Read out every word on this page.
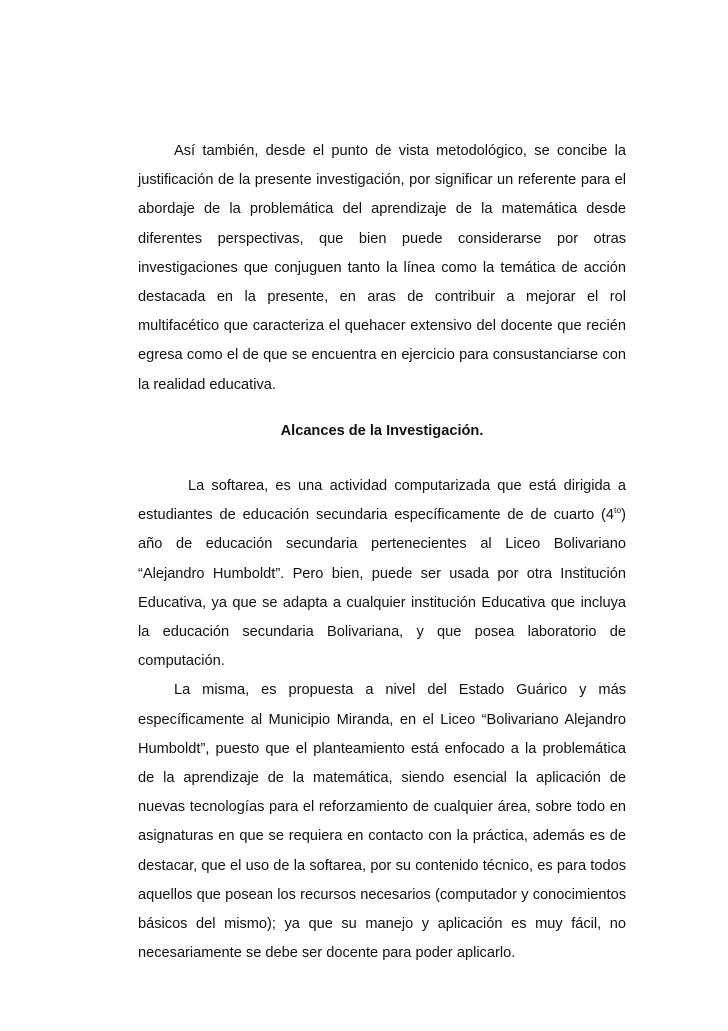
Así también, desde el punto de vista metodológico, se concibe la justificación de la presente investigación, por significar un referente para el abordaje de la problemática del aprendizaje de la matemática desde diferentes perspectivas, que bien puede considerarse por otras investigaciones que conjuguen tanto la línea como la temática de acción destacada en la presente, en aras de contribuir a mejorar el rol multifacético que caracteriza el quehacer extensivo del docente que recién egresa como el de que se encuentra en ejercicio para consustanciarse con la realidad educativa.

Alcances de la Investigación.

La softarea, es una actividad computarizada que está dirigida a estudiantes de educación secundaria específicamente de de cuarto $(4^{to})$ año de educación secundaria pertenecientes al Liceo Bolivariano “Alejandro Humboldt”. Pero bien, puede ser usada por otra Institución Educativa, ya que se adapta a cualquier institución Educativa que incluya la educación secundaria Bolivariana, y que posea laboratorio de computación.

La misma, es propuesta a nivel del Estado Guárico y más específicamente al Municipio Miranda, en el Liceo “Bolivariano Alejandro Humboldt”, puesto que el planteamiento está enfocado a la problemática de la aprendizaje de la matemática, siendo esencial la aplicación de nuevas tecnologías para el reforzamiento de cualquier área, sobre todo en asignaturas en que se requiera en contacto con la práctica, además es de destacar, que el uso de la softarea, por su contenido técnico, es para todos aquellos que posean los recursos necesarios (computador y conocimientos básicos del mismo); ya que su manejo y aplicación es muy fácil, no necesariamente se debe ser docente para poder aplicarlo.
